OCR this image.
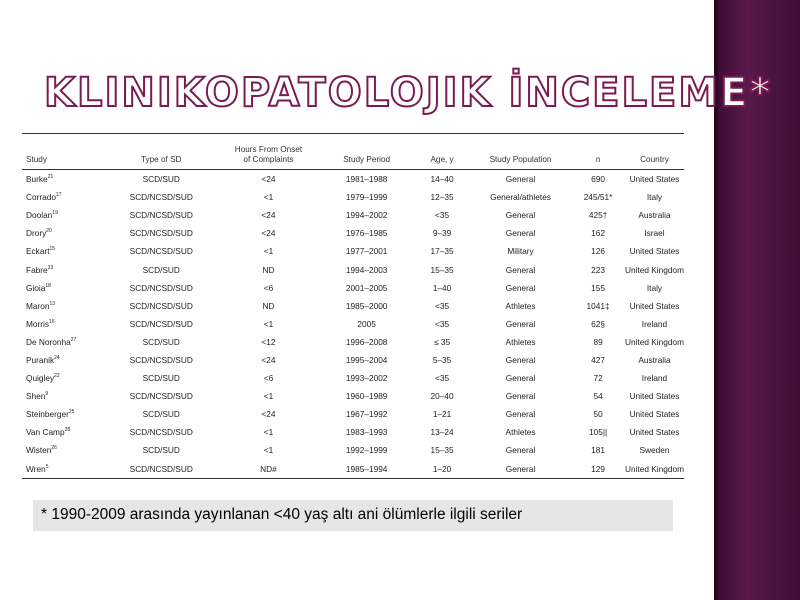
KLINIKOPATOLOJIK İNCELEME*
Study	Type of SD	Hours From Onset
of Complaints	Study Period	Age, y	Study Population	n	Country
Burke$^{21}$	SCD/SUD	<24	1981–1988	14–40	General	690	United States
Corrado$^{17}$	SCD/NCSD/SUD	<1	1979–1999	12–35	General/athletes	245/51*	Italy
Doolan$^{19}$	SCD/NCSD/SUD	<24	1994–2002	<35	General	425†	Australia
Drory$^{20}$	SCD/NCSD/SUD	<24	1976–1985	9–39	General	162	Israel
Eckart$^{15}$	SCD/NCSD/SUD	<1	1977–2001	17–35	Military	126	United States
Fabre$^{23}$	SCD/SUD	ND	1994–2003	15–35	General	223	United Kingdom
Gioia$^{18}$	SCD/NCSD/SUD	<6	2001–2005	1–40	General	155	Italy
Maron$^{13}$	SCD/NCSD/SUD	ND	1985–2000	<35	Athletes	1041‡	United States
Morris$^{16}$	SCD/NCSD/SUD	<1	2005	<35	General	62§	Ireland
De Noronha$^{27}$	SCD/SUD	<12	1996–2008	≤ 35	Athletes	89	United Kingdom
Puranik$^{24}$	SCD/NCSD/SUD	<24	1995–2004	5–35	General	427	Australia
Quigley$^{22}$	SCD/SUD	<6	1993–2002	<35	General	72	Ireland
Shen$^9$	SCD/NCSD/SUD	<1	1960–1989	20–40	General	54	United States
Steinberger$^{25}$	SCD/SUD	<24	1967–1992	1–21	General	50	United States
Van Camp$^{28}$	SCD/NCSD/SUD	<1	1983–1993	13–24	Athletes	105||	United States
Wisten$^{26}$	SCD/SUD	<1	1992–1999	15–35	General	181	Sweden
Wren$^5$	SCD/NCSD/SUD	ND#	1985–1994	1–20	General	129	United Kingdom
* 1990-2009 arasında yayınlanan <40 yaş altı ani ölümlerle ilgili seriler
